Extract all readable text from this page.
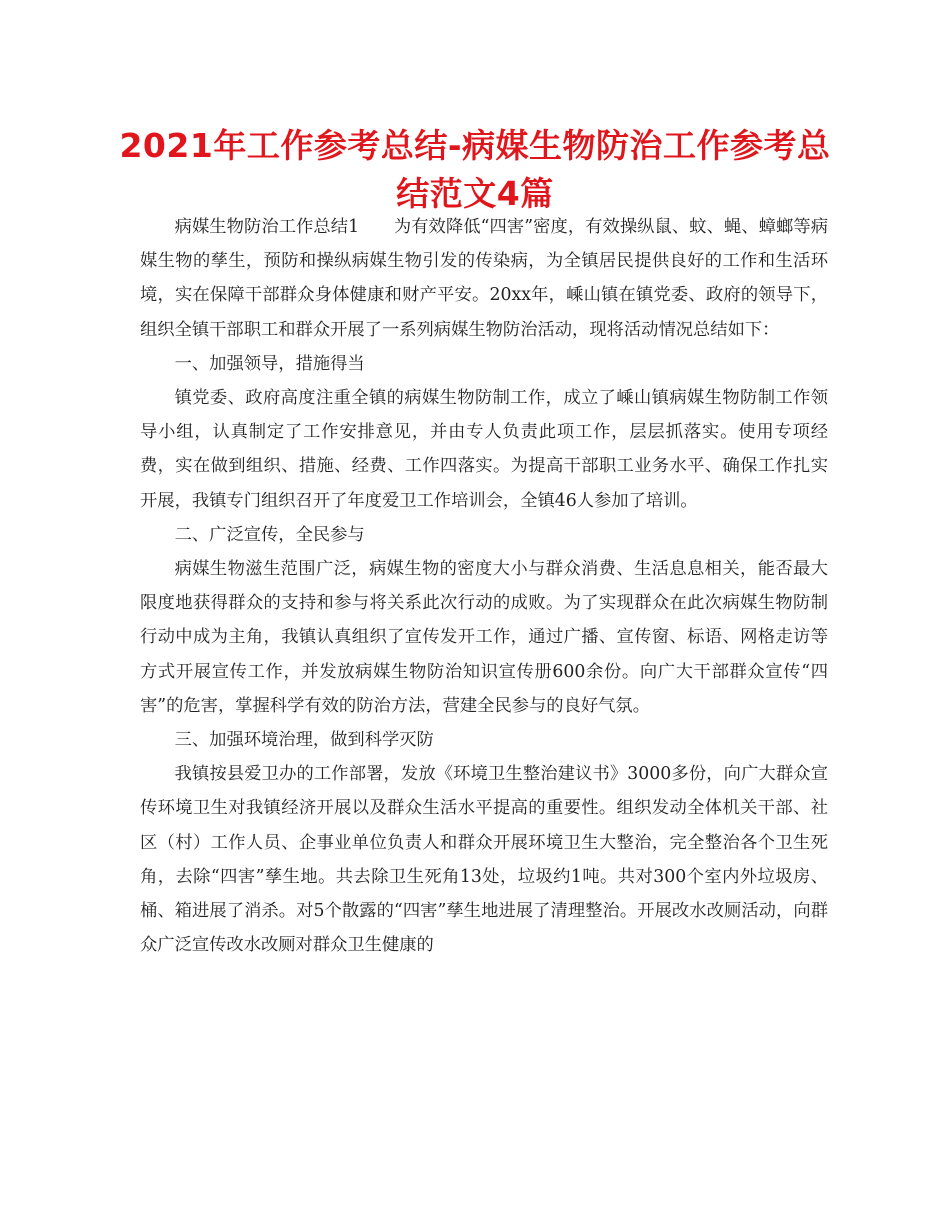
2021年工作参考总结-病媒生物防治工作参考总结范文4篇

病媒生物防治工作总结1　　为有效降低“四害”密度，有效操纵鼠、蚊、蝇、蟑螂等病媒生物的孳生，预防和操纵病媒生物引发的传染病，为全镇居民提供良好的工作和生活环境，实在保障干部群众身体健康和财产平安。20xx年，嵊山镇在镇党委、政府的领导下，组织全镇干部职工和群众开展了一系列病媒生物防治活动，现将活动情况总结如下：

一、加强领导，措施得当

镇党委、政府高度注重全镇的病媒生物防制工作，成立了嵊山镇病媒生物防制工作领导小组，认真制定了工作安排意见，并由专人负责此项工作，层层抓落实。使用专项经费，实在做到组织、措施、经费、工作四落实。为提高干部职工业务水平、确保工作扎实开展，我镇专门组织召开了年度爱卫工作培训会，全镇46人参加了培训。

二、广泛宣传，全民参与

病媒生物滋生范围广泛，病媒生物的密度大小与群众消费、生活息息相关，能否最大限度地获得群众的支持和参与将关系此次行动的成败。为了实现群众在此次病媒生物防制行动中成为主角，我镇认真组织了宣传发开工作，通过广播、宣传窗、标语、网格走访等方式开展宣传工作，并发放病媒生物防治知识宣传册600余份。向广大干部群众宣传“四害”的危害，掌握科学有效的防治方法，营建全民参与的良好气氛。

三、加强环境治理，做到科学灭防

我镇按县爱卫办的工作部署，发放《环境卫生整治建议书》3000多份，向广大群众宣传环境卫生对我镇经济开展以及群众生活水平提高的重要性。组织发动全体机关干部、社区（村）工作人员、企事业单位负责人和群众开展环境卫生大整治，完全整治各个卫生死角，去除“四害”孳生地。共去除卫生死角13处，垃圾约1吨。共对300个室内外垃圾房、桶、箱进展了消杀。对5个散露的“四害”孳生地进展了清理整治。开展改水改厕活动，向群众广泛宣传改水改厕对群众卫生健康的
